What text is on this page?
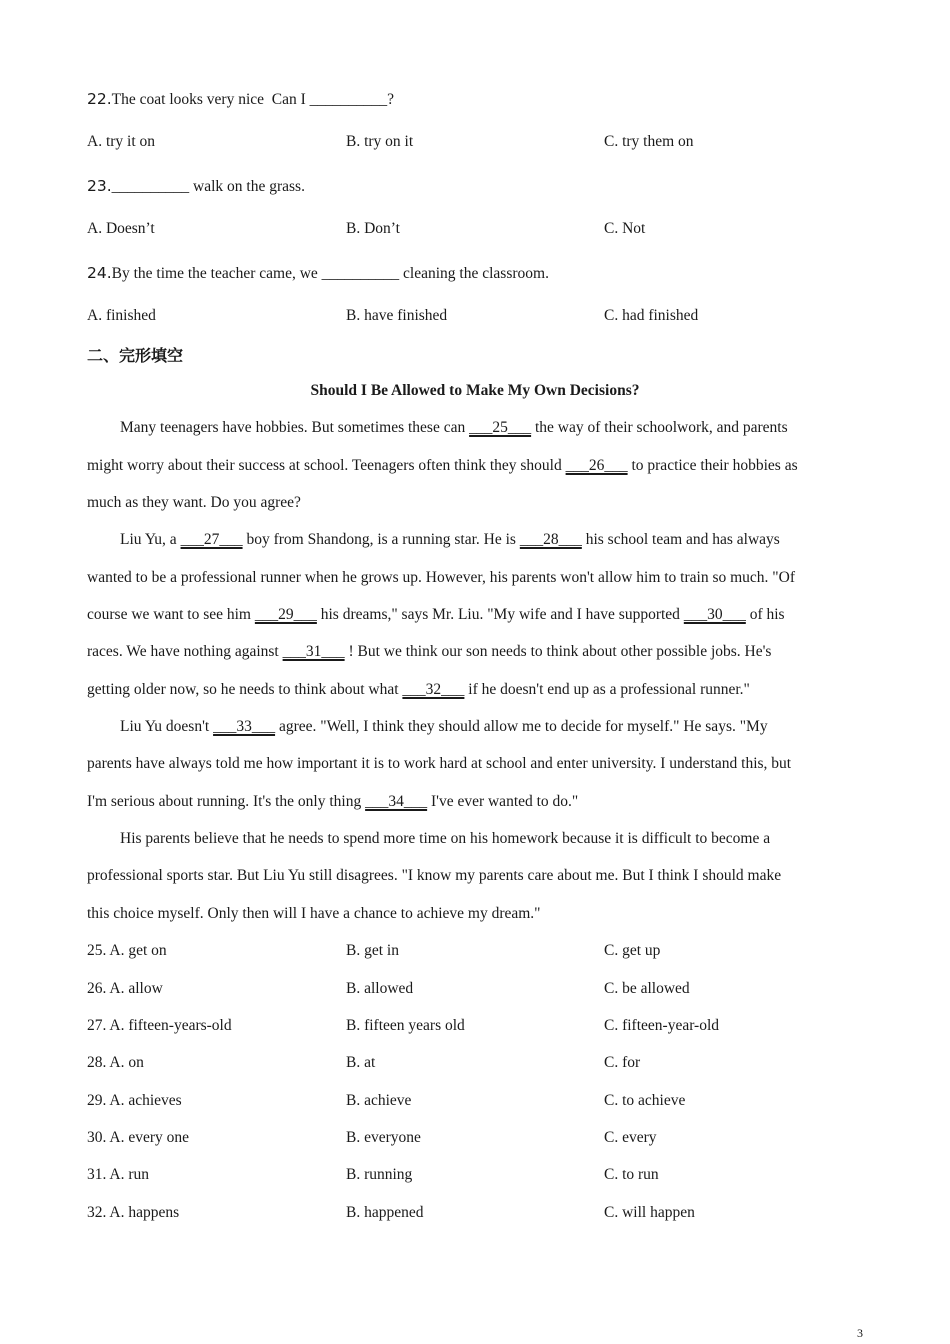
22.The coat looks very nice Can I __________?
A. try it on	B. try on it	C. try them on
23.__________ walk on the grass.
A. Doesn’t	B. Don’t	C. Not
24.By the time the teacher came, we __________ cleaning the classroom.
A. finished	B. have finished	C. had finished
二、完形填空
Should I Be Allowed to Make My Own Decisions?
Many teenagers have hobbies. But sometimes these can ___25___ the way of their schoolwork, and parents
might worry about their success at school. Teenagers often think they should ___26___ to practice their hobbies as
much as they want. Do you agree?
Liu Yu, a ___27___ boy from Shandong, is a running star. He is ___28___ his school team and has always
wanted to be a professional runner when he grows up. However, his parents won't allow him to train so much. "Of
course we want to see him ___29___ his dreams," says Mr. Liu. "My wife and I have supported ___30___ of his
races. We have nothing against ___31___ ! But we think our son needs to think about other possible jobs. He's
getting older now, so he needs to think about what ___32___ if he doesn't end up as a professional runner."
Liu Yu doesn't ___33___ agree. "Well, I think they should allow me to decide for myself." He says. "My
parents have always told me how important it is to work hard at school and enter university. I understand this, but
I'm serious about running. It's the only thing ___34___ I've ever wanted to do."
His parents believe that he needs to spend more time on his homework because it is difficult to become a
professional sports star. But Liu Yu still disagrees. "I know my parents care about me. But I think I should make
this choice myself. Only then will I have a chance to achieve my dream."
25. A. get on	B. get in	C. get up
26. A. allow	B. allowed	C. be allowed
27. A. fifteen-years-old	B. fifteen years old	C. fifteen-year-old
28. A. on	B. at	C. for
29. A. achieves	B. achieve	C. to achieve
30. A. every one	B. everyone	C. every
31. A. run	B. running	C. to run
32. A. happens	B. happened	C. will happen
3
